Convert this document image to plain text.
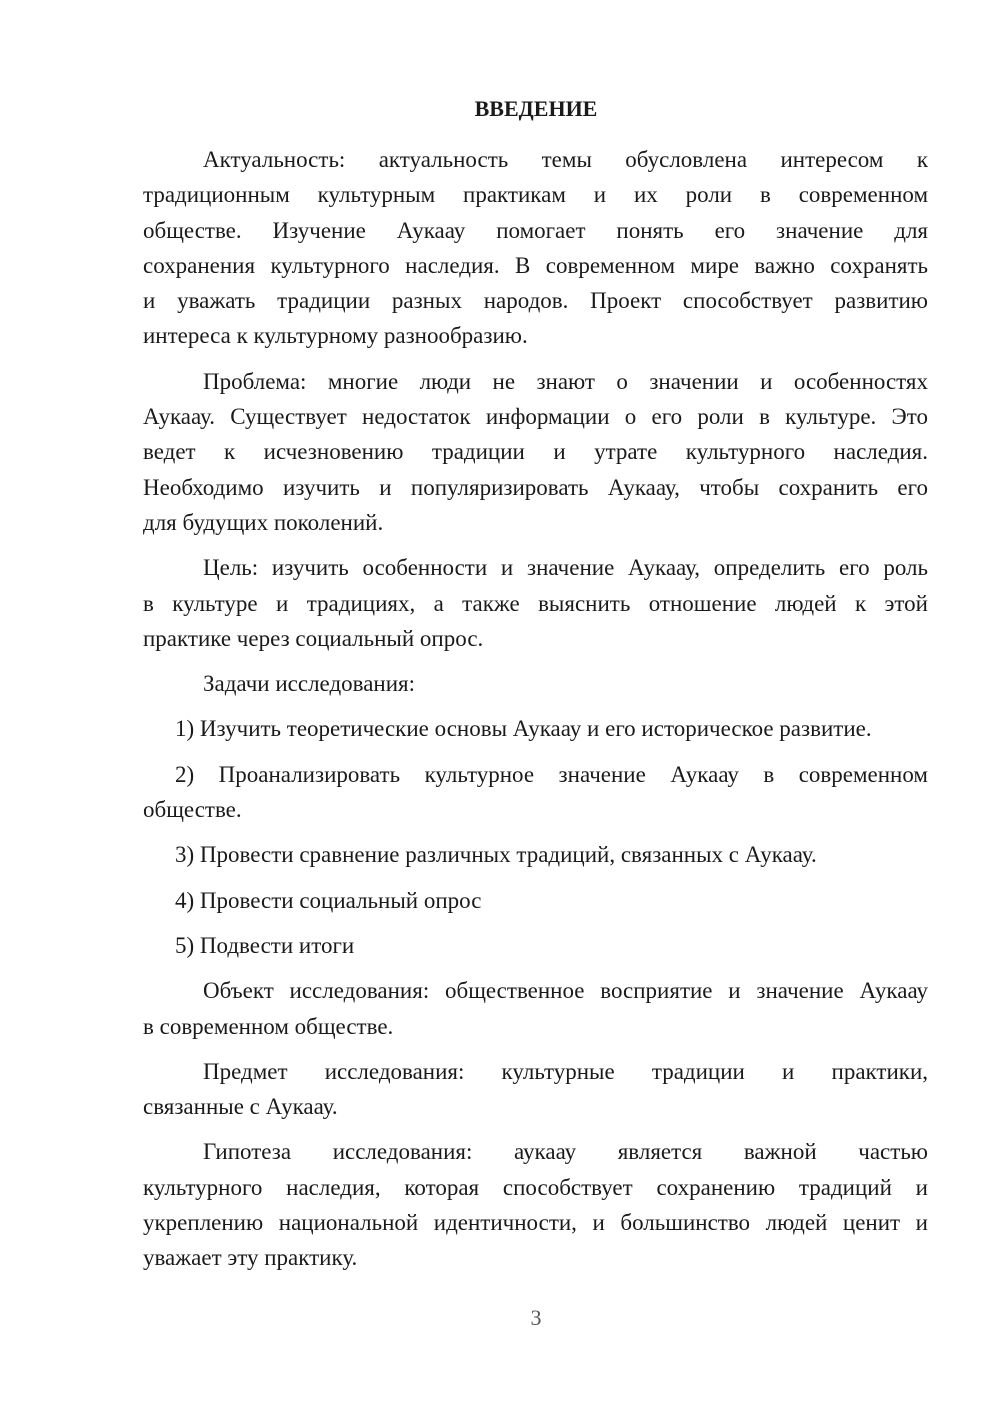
ВВЕДЕНИЕ
Актуальность: актуальность темы обусловлена интересом к
традиционным культурным практикам и их роли в современном
обществе. Изучение Аукаау помогает понять его значение для
сохранения культурного наследия. В современном мире важно сохранять
и уважать традиции разных народов. Проект способствует развитию
интереса к культурному разнообразию.
Проблема: многие люди не знают о значении и особенностях
Аукаау. Существует недостаток информации о его роли в культуре. Это
ведет к исчезновению традиции и утрате культурного наследия.
Необходимо изучить и популяризировать Аукаау, чтобы сохранить его
для будущих поколений.
Цель: изучить особенности и значение Аукаау, определить его роль
в культуре и традициях, а также выяснить отношение людей к этой
практике через социальный опрос.
Задачи исследования:
1) Изучить теоретические основы Аукаау и его историческое развитие.
2) Проанализировать культурное значение Аукаау в современном
обществе.
3) Провести сравнение различных традиций, связанных с Аукаау.
4) Провести социальный опрос
5) Подвести итоги
Объект исследования: общественное восприятие и значение Аукаау
в современном обществе.
Предмет исследования: культурные традиции и практики,
связанные с Аукаау.
Гипотеза исследования: аукаау является важной частью
культурного наследия, которая способствует сохранению традиций и
укреплению национальной идентичности, и большинство людей ценит и
уважает эту практику.
3
